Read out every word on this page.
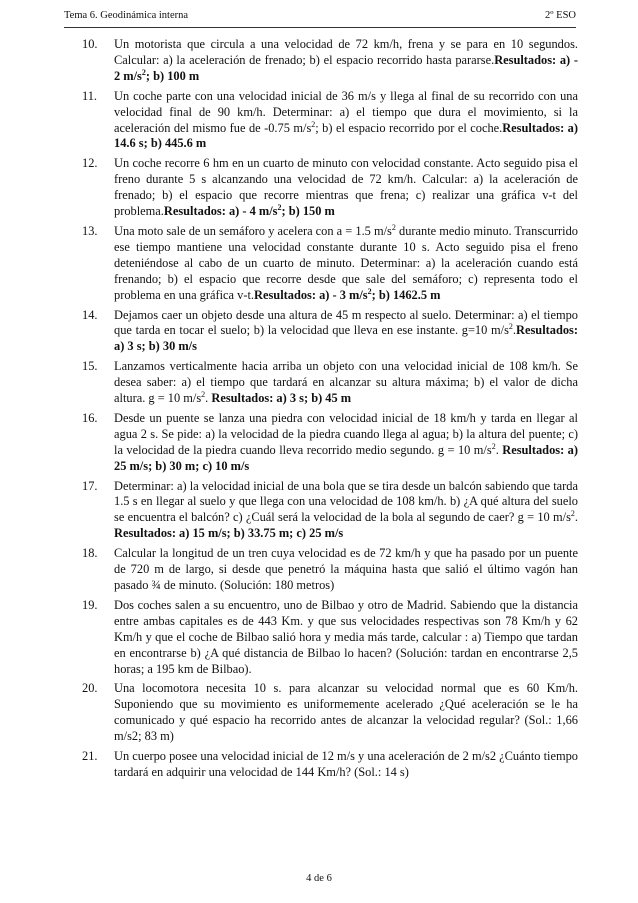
Tema 6. Geodinámica interna	2º ESO
10. Un motorista que circula a una velocidad de 72 km/h, frena y se para en 10 segundos. Calcular: a) la aceleración de frenado; b) el espacio recorrido hasta pararse.Resultados: a) - 2 $m/s^2$; b) 100 m
11. Un coche parte con una velocidad inicial de 36 m/s y llega al final de su recorrido con una velocidad final de 90 km/h. Determinar: a) el tiempo que dura el movimiento, si la aceleración del mismo fue de -0.75 $m/s^2$; b) el espacio recorrido por el coche.Resultados: a) 14.6 s; b) 445.6 m
12. Un coche recorre 6 hm en un cuarto de minuto con velocidad constante. Acto seguido pisa el freno durante 5 s alcanzando una velocidad de 72 km/h. Calcular: a) la aceleración de frenado; b) el espacio que recorre mientras que frena; c) realizar una gráfica v-t del problema.Resultados: a) - 4 $m/s^2$; b) 150 m
13. Una moto sale de un semáforo y acelera con a = 1.5 $m/s^2$ durante medio minuto. Transcurrido ese tiempo mantiene una velocidad constante durante 10 s. Acto seguido pisa el freno deteniéndose al cabo de un cuarto de minuto. Determinar: a) la aceleración cuando está frenando; b) el espacio que recorre desde que sale del semáforo; c) representa todo el problema en una gráfica v-t.Resultados: a) - 3 $m/s^2$; b) 1462.5 m
14. Dejamos caer un objeto desde una altura de 45 m respecto al suelo. Determinar: a) el tiempo que tarda en tocar el suelo; b) la velocidad que lleva en ese instante. g=10 $m/s^2.Resultados$: a) 3 s; b) 30 m/s
15. Lanzamos verticalmente hacia arriba un objeto con una velocidad inicial de 108 km/h. Se desea saber: a) el tiempo que tardará en alcanzar su altura máxima; b) el valor de dicha altura. g = 10 $m/s^2$. Resultados: a) 3 s; b) 45 m
16. Desde un puente se lanza una piedra con velocidad inicial de 18 km/h y tarda en llegar al agua 2 s. Se pide: a) la velocidad de la piedra cuando llega al agua; b) la altura del puente; c) la velocidad de la piedra cuando lleva recorrido medio segundo. g = 10 $m/s^2$. Resultados: a) 25 m/s; b) 30 m; c) 10 m/s
17. Determinar: a) la velocidad inicial de una bola que se tira desde un balcón sabiendo que tarda 1.5 s en llegar al suelo y que llega con una velocidad de 108 km/h. b) ¿A qué altura del suelo se encuentra el balcón? c) ¿Cuál será la velocidad de la bola al segundo de caer? g = 10 $m/s^2$. Resultados: a) 15 m/s; b) 33.75 m; c) 25 m/s
18. Calcular la longitud de un tren cuya velocidad es de 72 km/h y que ha pasado por un puente de 720 m de largo, si desde que penetró la máquina hasta que salió el último vagón han pasado ¾ de minuto. (Solución: 180 metros)
19. Dos coches salen a su encuentro, uno de Bilbao y otro de Madrid. Sabiendo que la distancia entre ambas capitales es de 443 Km. y que sus velocidades respectivas son 78 Km/h y 62 Km/h y que el coche de Bilbao salió hora y media más tarde, calcular : a) Tiempo que tardan en encontrarse b) ¿A qué distancia de Bilbao lo hacen? (Solución: tardan en encontrarse 2,5 horas; a 195 km de Bilbao).
20. Una locomotora necesita 10 s. para alcanzar su velocidad normal que es 60 Km/h. Suponiendo que su movimiento es uniformemente acelerado ¿Qué aceleración se le ha comunicado y qué espacio ha recorrido antes de alcanzar la velocidad regular? (Sol.: 1,66 m/s2; 83 m)
21. Un cuerpo posee una velocidad inicial de 12 m/s y una aceleración de 2 m/s2 ¿Cuánto tiempo tardará en adquirir una velocidad de 144 Km/h? (Sol.: 14 s)
4 de 6
